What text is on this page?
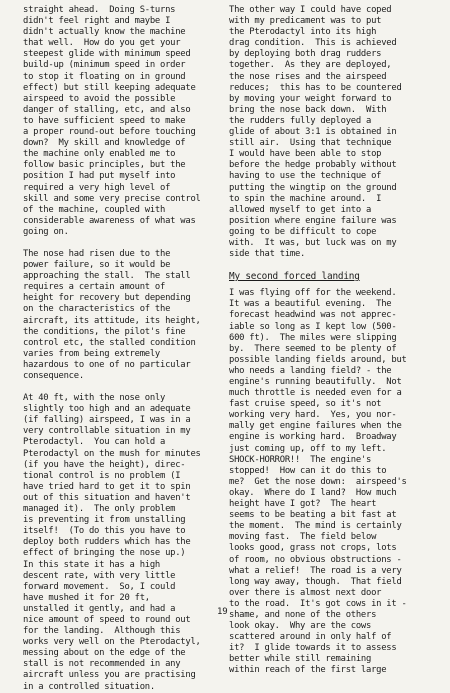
straight ahead.  Doing S-turns
didn't feel right and maybe I
didn't actually know the machine
that well.  How do you get your
steepest glide with minimum speed
build-up (minimum speed in order
to stop it floating on in ground
effect) but still keeping adequate
airspeed to avoid the possible
danger of stalling, etc, and also
to have sufficient speed to make
a proper round-out before touching
down?  My skill and knowledge of
the machine only enabled me to
follow basic principles, but the
position I had put myself into
required a very high level of
skill and some very precise control
of the machine, coupled with
considerable awareness of what was
going on.

The nose had risen due to the
power failure, so it would be
approaching the stall.  The stall
requires a certain amount of
height for recovery but depending
on the characteristics of the
aircraft, its attitude, its height,
the conditions, the pilot's fine
control etc, the stalled condition
varies from being extremely
hazardous to one of no particular
consequence.

At 40 ft, with the nose only
slightly too high and an adequate
(if falling) airspeed, I was in a
very controllable situation in my
Pterodactyl.  You can hold a
Pterodactyl on the mush for minutes
(if you have the height), direc-
tional control is no problem (I
have tried hard to get it to spin
out of this situation and haven't
managed it).  The only problem
is preventing it from unstalling
itself!  (To do this you have to
deploy both rudders which has the
effect of bringing the nose up.)
In this state it has a high
descent rate, with very little
forward movement.  So, I could
have mushed it for 20 ft,
unstalled it gently, and had a
nice amount of speed to round out
for the landing.  Although this
works very well on the Pterodactyl,
messing about on the edge of the
stall is not recommended in any
aircraft unless you are practising
in a controlled situation.

The other way I could have coped
with my predicament was to put
the Pterodactyl into its high
drag condition.  This is achieved
by deploying both drag rudders
together.  As they are deployed,
the nose rises and the airspeed
reduces;  this has to be countered
by moving your weight forward to
bring the nose back down.  With
the rudders fully deployed a
glide of about 3:1 is obtained in
still air.  Using that technique
I would have been able to stop
before the hedge probably without
having to use the technique of
putting the wingtip on the ground
to spin the machine around.  I
allowed myself to get into a
position where engine failure was
going to be difficult to cope
with.  It was, but luck was on my
side that time.

My second forced landing

I was flying off for the weekend.
It was a beautiful evening.  The
forecast headwind was not apprec-
iable so long as I kept low (500-
600 ft).  The miles were slipping
by.  There seemed to be plenty of
possible landing fields around, but
who needs a landing field? - the
engine's running beautifully.  Not
much throttle is needed even for a
fast cruise speed, so it's not
working very hard.  Yes, you nor-
mally get engine failures when the
engine is working hard.  Broadway
just coming up, off to my left.
SHOCK-HORROR!!  The engine's
stopped!  How can it do this to
me?  Get the nose down:  airspeed's
okay.  Where do I land?  How much
height have I got?  The heart
seems to be beating a bit fast at
the moment.  The mind is certainly
moving fast.  The field below
looks good, grass not crops, lots
of room, no obvious obstructions -
what a relief!  The road is a very
long way away, though.  That field
over there is almost next door
to the road.  It's got cows in it -
shame, and none of the others
look okay.  Why are the cows
scattered around in only half of
it?  I glide towards it to assess
better while still remaining
within reach of the first large

19
